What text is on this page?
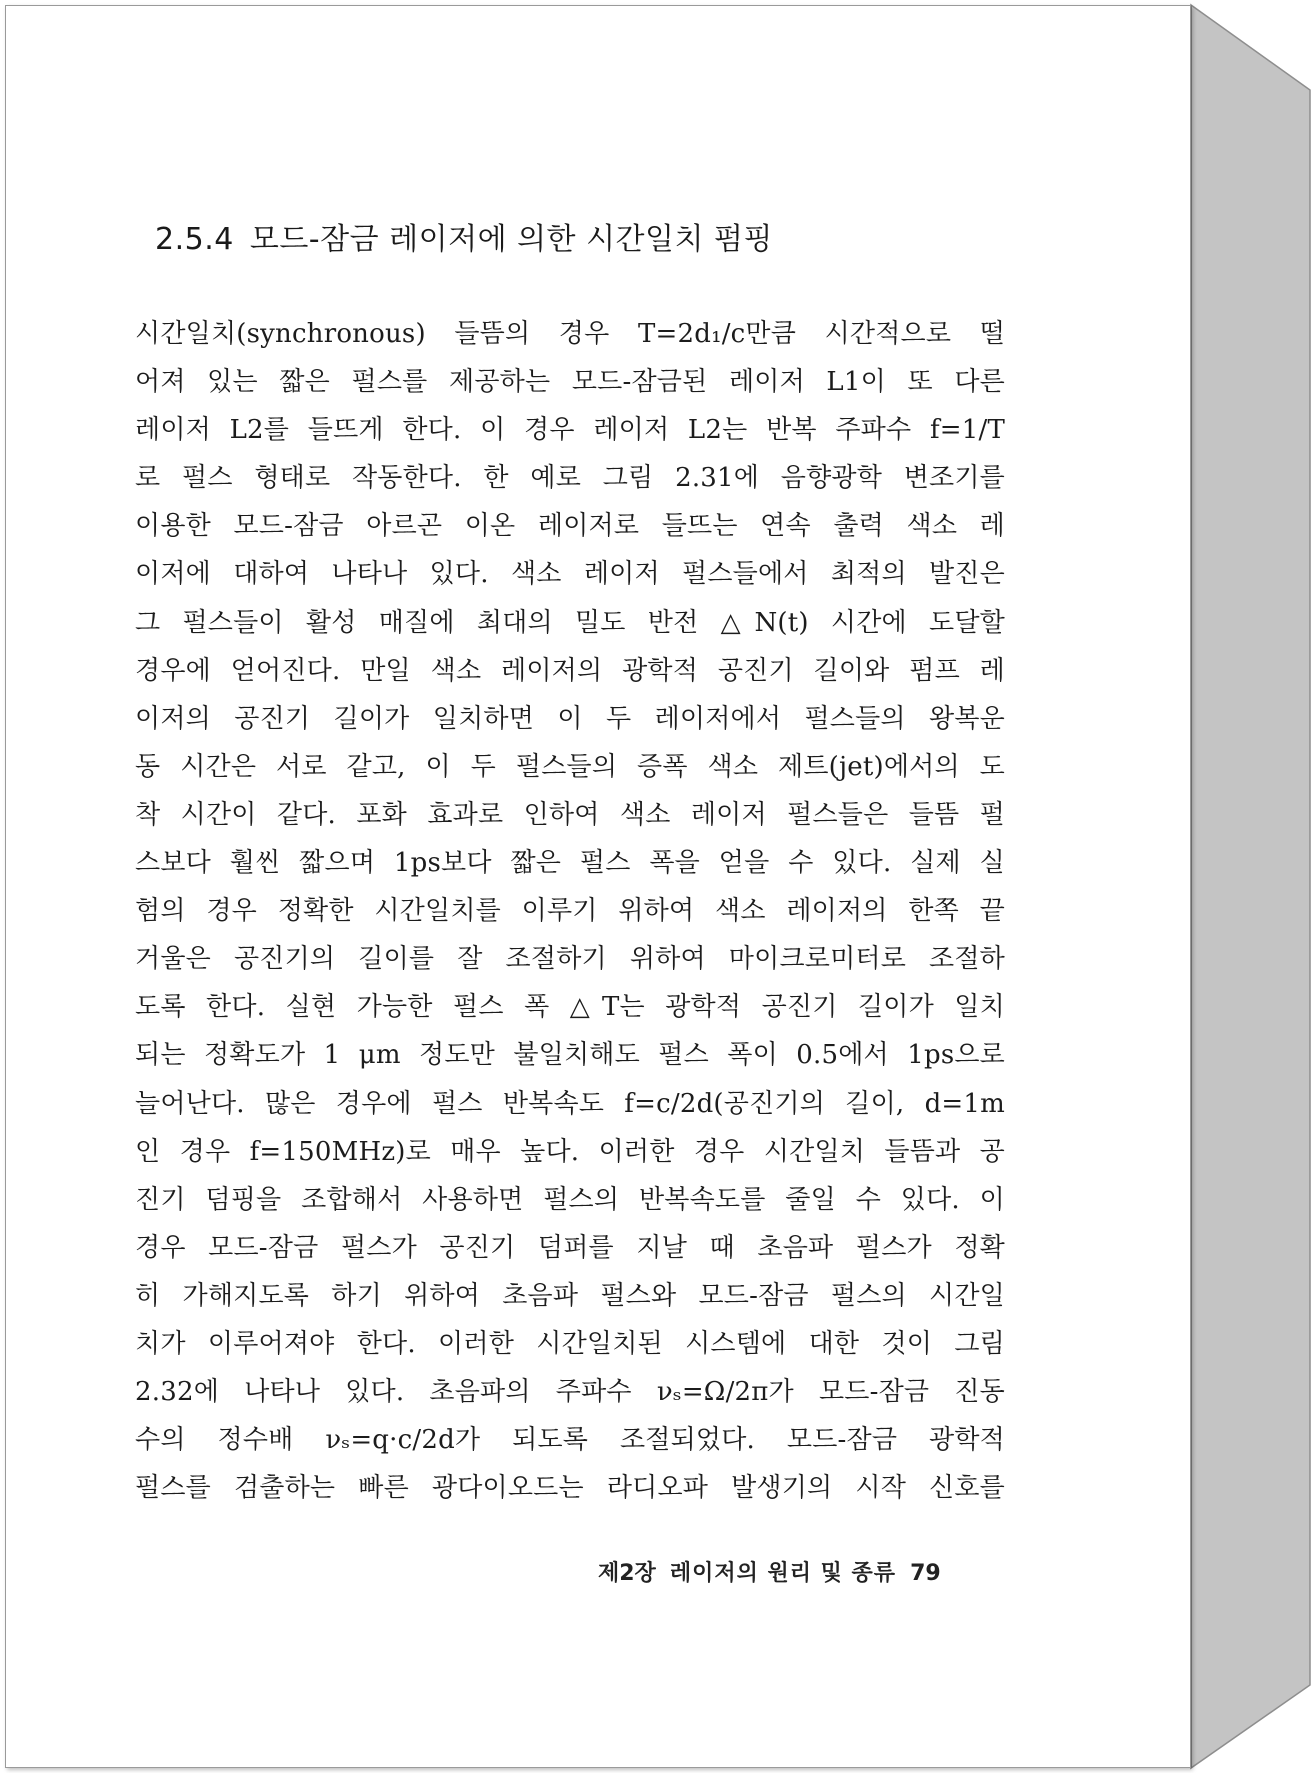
2.5.4 모드-잠금 레이저에 의한 시간일치 펌핑
시간일치(synchronous) 들뜸의 경우 T=2d₁/c만큼 시간적으로 떨
어져 있는 짧은 펄스를 제공하는 모드-잠금된 레이저 L1이 또 다른
레이저 L2를 들뜨게 한다. 이 경우 레이저 L2는 반복 주파수 f=1/T
로 펄스 형태로 작동한다. 한 예로 그림 2.31에 음향광학 변조기를
이용한 모드-잠금 아르곤 이온 레이저로 들뜨는 연속 출력 색소 레
이저에 대하여 나타나 있다. 색소 레이저 펄스들에서 최적의 발진은
그 펄스들이 활성 매질에 최대의 밀도 반전 △N(t) 시간에 도달할
경우에 얻어진다. 만일 색소 레이저의 광학적 공진기 길이와 펌프 레
이저의 공진기 길이가 일치하면 이 두 레이저에서 펄스들의 왕복운
동 시간은 서로 같고, 이 두 펄스들의 증폭 색소 제트(jet)에서의 도
착 시간이 같다. 포화 효과로 인하여 색소 레이저 펄스들은 들뜸 펄
스보다 훨씬 짧으며 1ps보다 짧은 펄스 폭을 얻을 수 있다. 실제 실
험의 경우 정확한 시간일치를 이루기 위하여 색소 레이저의 한쪽 끝
거울은 공진기의 길이를 잘 조절하기 위하여 마이크로미터로 조절하
도록 한다. 실현 가능한 펄스 폭 △T는 광학적 공진기 길이가 일치
되는 정확도가 1 μm 정도만 불일치해도 펄스 폭이 0.5에서 1ps으로
늘어난다. 많은 경우에 펄스 반복속도 f=c/2d(공진기의 길이, d=1m
인 경우 f=150MHz)로 매우 높다. 이러한 경우 시간일치 들뜸과 공
진기 덤핑을 조합해서 사용하면 펄스의 반복속도를 줄일 수 있다. 이
경우 모드-잠금 펄스가 공진기 덤퍼를 지날 때 초음파 펄스가 정확
히 가해지도록 하기 위하여 초음파 펄스와 모드-잠금 펄스의 시간일
치가 이루어져야 한다. 이러한 시간일치된 시스템에 대한 것이 그림
2.32에 나타나 있다. 초음파의 주파수 νₛ=Ω/2π가 모드-잠금 진동
수의 정수배 νₛ=q·c/2d가 되도록 조절되었다. 모드-잠금 광학적
펄스를 검출하는 빠른 광다이오드는 라디오파 발생기의 시작 신호를
제2장 레이저의 원리 및 종류 79
